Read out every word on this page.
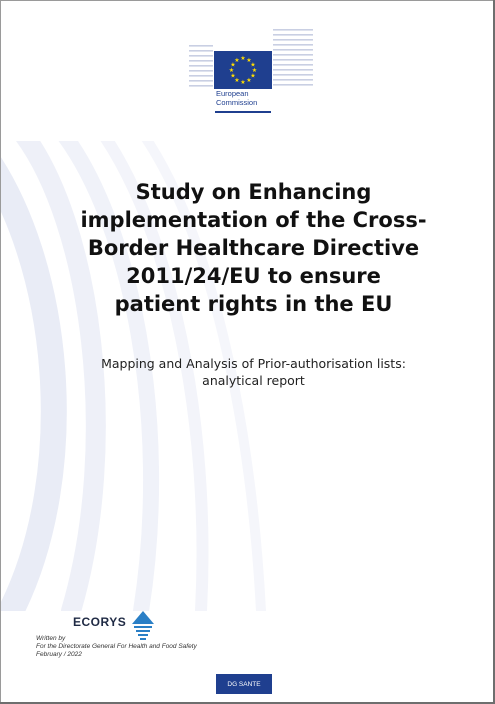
★ ★
★
★
★
★
★
★
★
★
★
★
European
Commission
Study on Enhancing
implementation of the Cross-
Border Healthcare Directive
2011/24/EU to ensure
patient rights in the EU
Mapping and Analysis of Prior-authorisation lists:
analytical report
ECORYS
Written by
For the Directorate General For Health and Food Safety
February / 2022
DG SANTE
